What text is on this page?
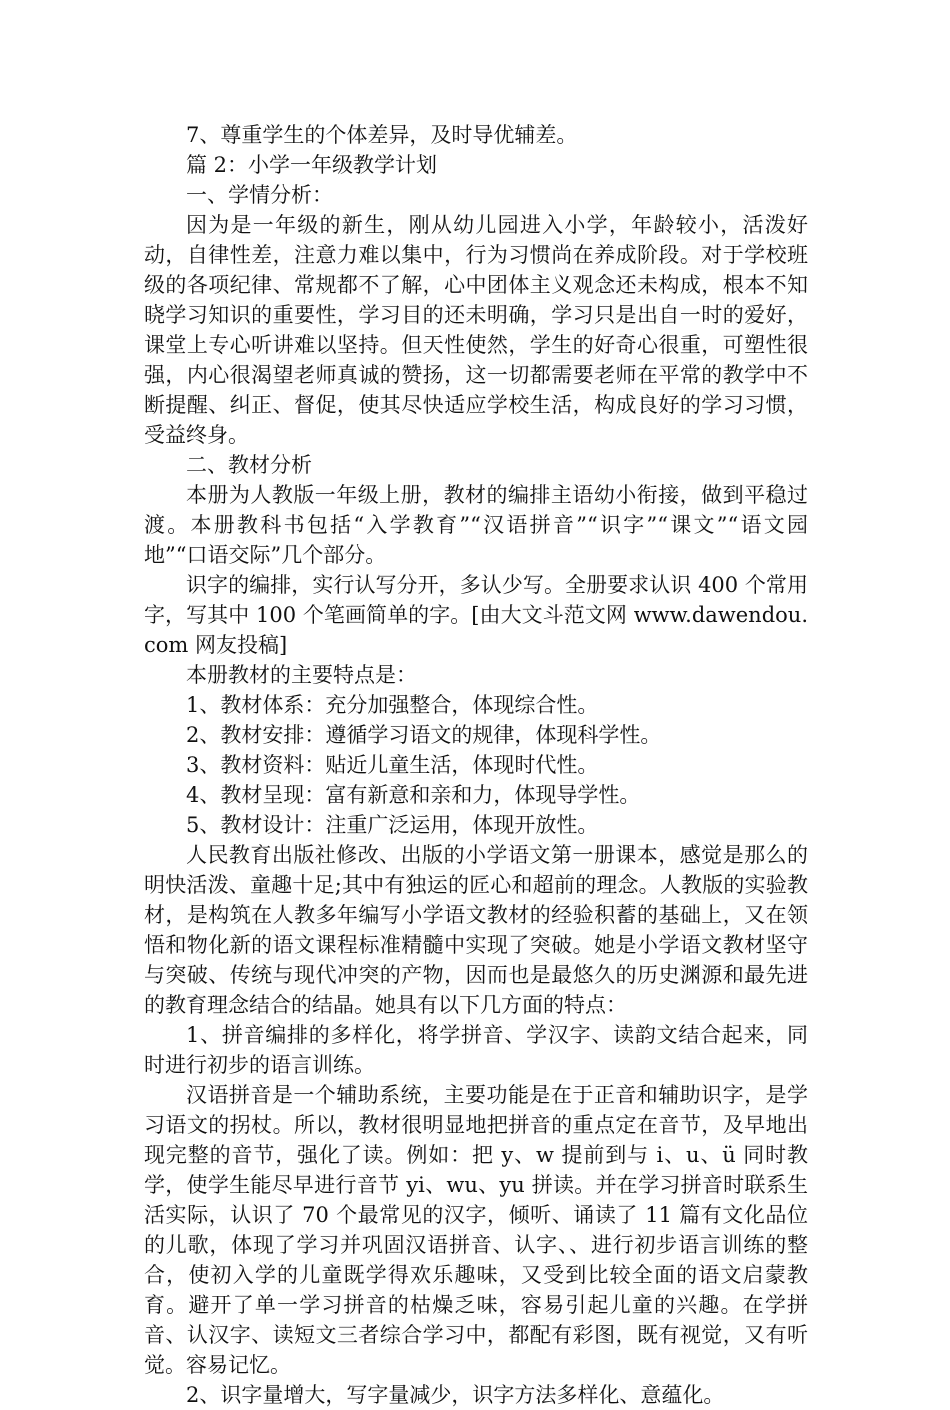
7、尊重学生的个体差异，及时导优辅差。

篇 2：小学一年级教学计划

一、学情分析：

因为是一年级的新生，刚从幼儿园进入小学，年龄较小，活泼好动，自律性差，注意力难以集中，行为习惯尚在养成阶段。对于学校班级的各项纪律、常规都不了解，心中团体主义观念还未构成，根本不知晓学习知识的重要性，学习目的还未明确，学习只是出自一时的爱好，课堂上专心听讲难以坚持。但天性使然，学生的好奇心很重，可塑性很强，内心很渴望老师真诚的赞扬，这一切都需要老师在平常的教学中不断提醒、纠正、督促，使其尽快适应学校生活，构成良好的学习习惯，受益终身。

二、教材分析

本册为人教版一年级上册，教材的编排主语幼小衔接，做到平稳过渡。本册教科书包括“入学教育”“汉语拼音”“识字”“课文”“语文园地”“口语交际”几个部分。

识字的编排，实行认写分开，多认少写。全册要求认识 400 个常用字，写其中 100 个笔画简单的字。[由大文斗范文网 www.dawendou.com 网友投稿]

本册教材的主要特点是：

1、教材体系：充分加强整合，体现综合性。

2、教材安排：遵循学习语文的规律，体现科学性。

3、教材资料：贴近儿童生活，体现时代性。

4、教材呈现：富有新意和亲和力，体现导学性。

5、教材设计：注重广泛运用，体现开放性。

人民教育出版社修改、出版的小学语文第一册课本，感觉是那么的明快活泼、童趣十足;其中有独运的匠心和超前的理念。人教版的实验教材，是构筑在人教多年编写小学语文教材的经验积蓄的基础上，又在领悟和物化新的语文课程标准精髓中实现了突破。她是小学语文教材坚守与突破、传统与现代冲突的产物，因而也是最悠久的历史渊源和最先进的教育理念结合的结晶。她具有以下几方面的特点：

1、拼音编排的多样化，将学拼音、学汉字、读韵文结合起来，同时进行初步的语言训练。

汉语拼音是一个辅助系统，主要功能是在于正音和辅助识字，是学习语文的拐杖。所以，教材很明显地把拼音的重点定在音节，及早地出现完整的音节，强化了读。例如：把 y、w 提前到与 i、u、ü 同时教学，使学生能尽早进行音节 yi、wu、yu 拼读。并在学习拼音时联系生活实际，认识了 70 个最常见的汉字，倾听、诵读了 11 篇有文化品位的儿歌，体现了学习并巩固汉语拼音、认字、、进行初步语言训练的整合，使初入学的儿童既学得欢乐趣味，又受到比较全面的语文启蒙教育。避开了单一学习拼音的枯燥乏味，容易引起儿童的兴趣。在学拼音、认汉字、读短文三者综合学习中，都配有彩图，既有视觉，又有听觉。容易记忆。

2、识字量增大，写字量减少，识字方法多样化、意蕴化。
